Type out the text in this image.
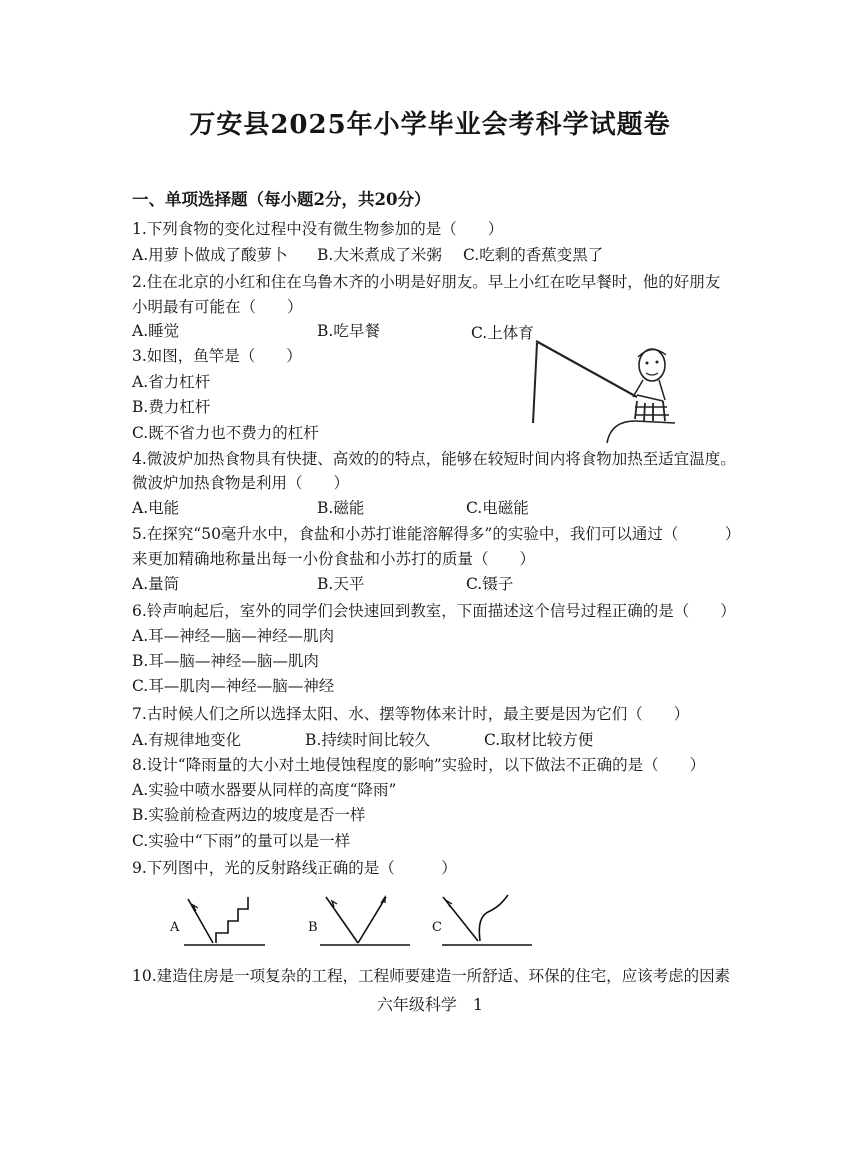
万安县2025年小学毕业会考科学试题卷
一、单项选择题（每小题2分，共20分）
1.下列食物的变化过程中没有微生物参加的是（　　）
A.用萝卜做成了酸萝卜 B.大米煮成了米粥 C.吃剩的香蕉变黑了
2.住在北京的小红和住在乌鲁木齐的小明是好朋友。早上小红在吃早餐时，他的好朋友
小明最有可能在（　　）
A.睡觉	B.吃早餐	C.上体育
3.如图，鱼竿是（　　）
A.省力杠杆
B.费力杠杆
C.既不省力也不费力的杠杆
4.微波炉加热食物具有快捷、高效的的特点，能够在较短时间内将食物加热至适宜温度。
微波炉加热食物是利用（　　）
A.电能	B.磁能	C.电磁能
5.在探究“50毫升水中，食盐和小苏打谁能溶解得多”的实验中，我们可以通过（　　　）
来更加精确地称量出每一小份食盐和小苏打的质量（　　）
A.量筒	B.天平	C.镊子
6.铃声响起后，室外的同学们会快速回到教室，下面描述这个信号过程正确的是（　　）
A.耳—神经—脑—神经—肌肉
B.耳—脑—神经—脑—肌肉
C.耳—肌肉—神经—脑—神经
7.古时候人们之所以选择太阳、水、摆等物体来计时，最主要是因为它们（　　）
A.有规律地变化	B.持续时间比较久	C.取材比较方便
8.设计“降雨量的大小对土地侵蚀程度的影响”实验时，以下做法不正确的是（　　）
A.实验中喷水器要从同样的高度“降雨”
B.实验前检查两边的坡度是否一样
C.实验中“下雨”的量可以是一样
9.下列图中，光的反射路线正确的是（　　　）
A	B	C
10.建造住房是一项复杂的工程，工程师要建造一所舒适、环保的住宅，应该考虑的因素
六年级科学　1
